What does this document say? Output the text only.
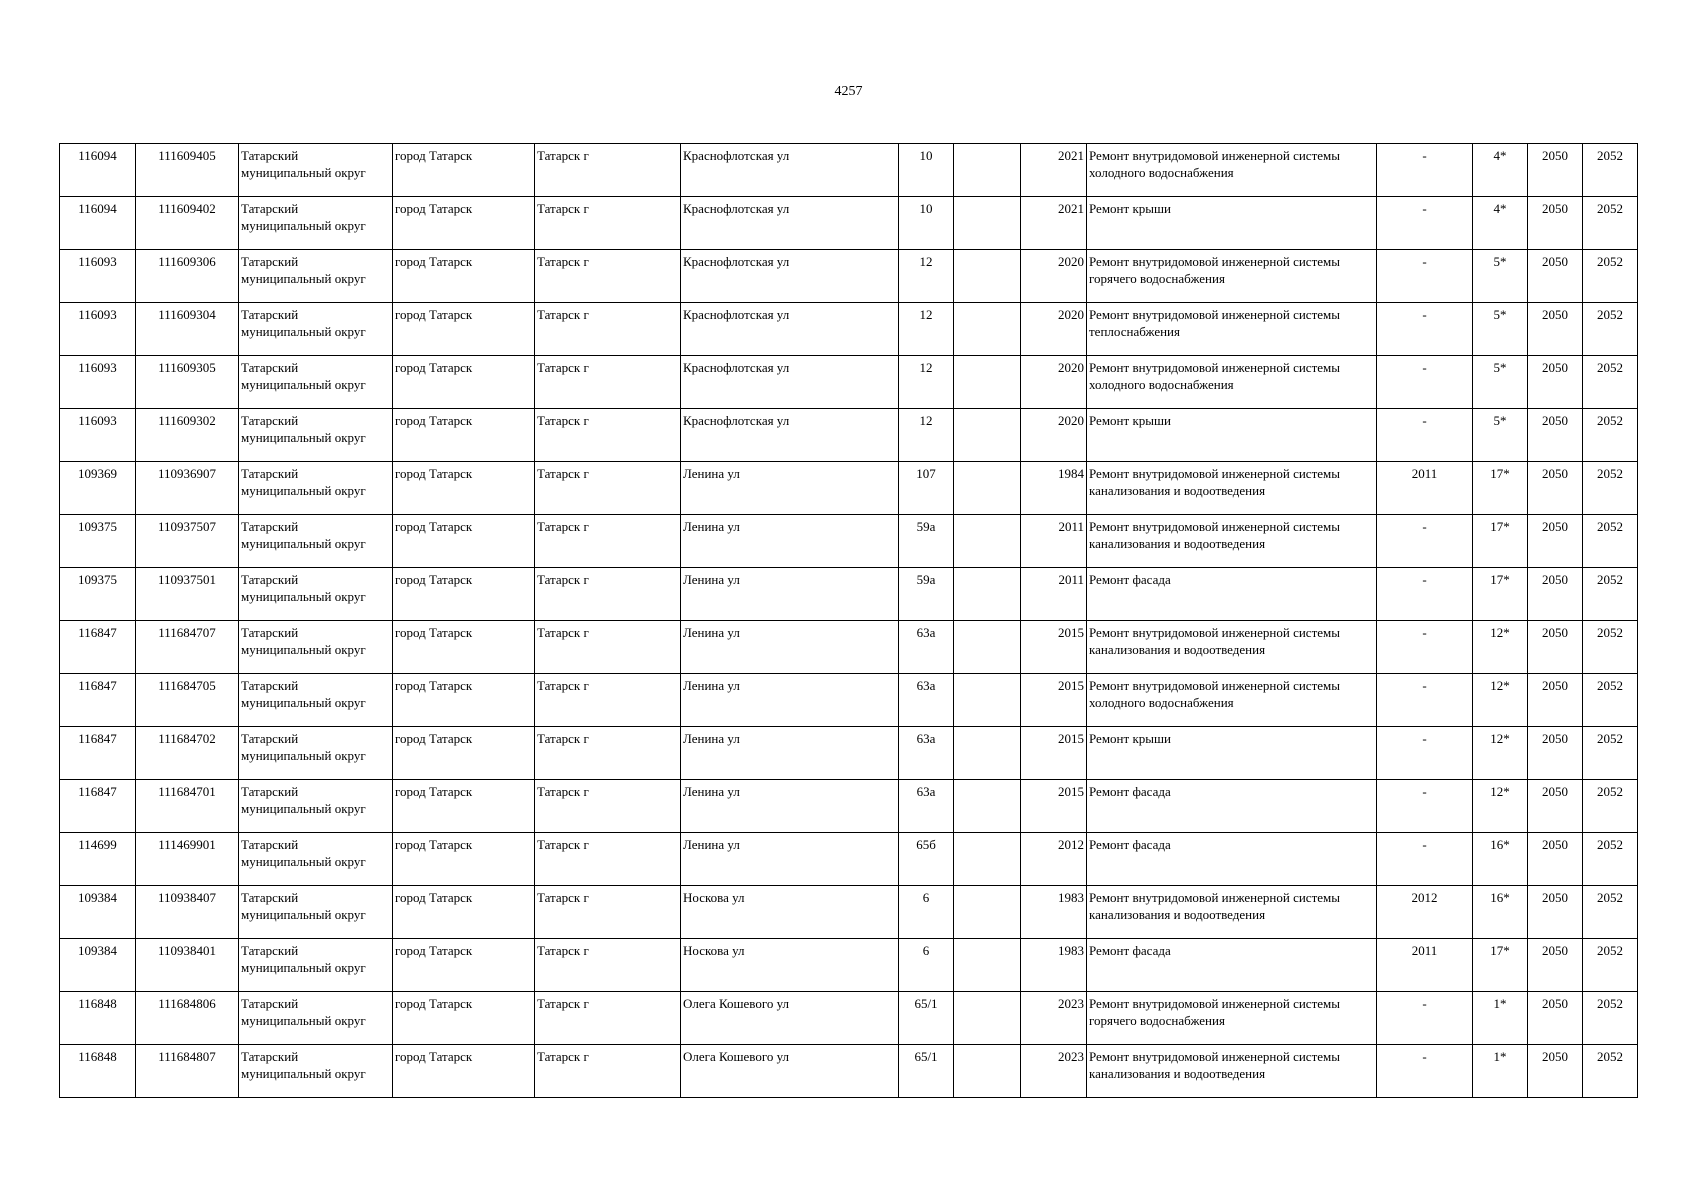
4257
116094	111609405	Татарский муниципальный округ	город Татарск	Татарск г	Краснофлотская ул	10		2021	Ремонт внутридомовой инженерной системы холодного водоснабжения	-	4*	2050	2052
116094	111609402	Татарский муниципальный округ	город Татарск	Татарск г	Краснофлотская ул	10		2021	Ремонт крыши	-	4*	2050	2052
116093	111609306	Татарский муниципальный округ	город Татарск	Татарск г	Краснофлотская ул	12		2020	Ремонт внутридомовой инженерной системы горячего водоснабжения	-	5*	2050	2052
116093	111609304	Татарский муниципальный округ	город Татарск	Татарск г	Краснофлотская ул	12		2020	Ремонт внутридомовой инженерной системы теплоснабжения	-	5*	2050	2052
116093	111609305	Татарский муниципальный округ	город Татарск	Татарск г	Краснофлотская ул	12		2020	Ремонт внутридомовой инженерной системы холодного водоснабжения	-	5*	2050	2052
116093	111609302	Татарский муниципальный округ	город Татарск	Татарск г	Краснофлотская ул	12		2020	Ремонт крыши	-	5*	2050	2052
109369	110936907	Татарский муниципальный округ	город Татарск	Татарск г	Ленина ул	107		1984	Ремонт внутридомовой инженерной системы канализования и водоотведения	2011	17*	2050	2052
109375	110937507	Татарский муниципальный округ	город Татарск	Татарск г	Ленина ул	59а		2011	Ремонт внутридомовой инженерной системы канализования и водоотведения	-	17*	2050	2052
109375	110937501	Татарский муниципальный округ	город Татарск	Татарск г	Ленина ул	59а		2011	Ремонт фасада	-	17*	2050	2052
116847	111684707	Татарский муниципальный округ	город Татарск	Татарск г	Ленина ул	63а		2015	Ремонт внутридомовой инженерной системы канализования и водоотведения	-	12*	2050	2052
116847	111684705	Татарский муниципальный округ	город Татарск	Татарск г	Ленина ул	63а		2015	Ремонт внутридомовой инженерной системы холодного водоснабжения	-	12*	2050	2052
116847	111684702	Татарский муниципальный округ	город Татарск	Татарск г	Ленина ул	63а		2015	Ремонт крыши	-	12*	2050	2052
116847	111684701	Татарский муниципальный округ	город Татарск	Татарск г	Ленина ул	63а		2015	Ремонт фасада	-	12*	2050	2052
114699	111469901	Татарский муниципальный округ	город Татарск	Татарск г	Ленина ул	65б		2012	Ремонт фасада	-	16*	2050	2052
109384	110938407	Татарский муниципальный округ	город Татарск	Татарск г	Носкова ул	6		1983	Ремонт внутридомовой инженерной системы канализования и водоотведения	2012	16*	2050	2052
109384	110938401	Татарский муниципальный округ	город Татарск	Татарск г	Носкова ул	6		1983	Ремонт фасада	2011	17*	2050	2052
116848	111684806	Татарский муниципальный округ	город Татарск	Татарск г	Олега Кошевого ул	65/1		2023	Ремонт внутридомовой инженерной системы горячего водоснабжения	-	1*	2050	2052
116848	111684807	Татарский муниципальный округ	город Татарск	Татарск г	Олега Кошевого ул	65/1		2023	Ремонт внутридомовой инженерной системы канализования и водоотведения	-	1*	2050	2052
